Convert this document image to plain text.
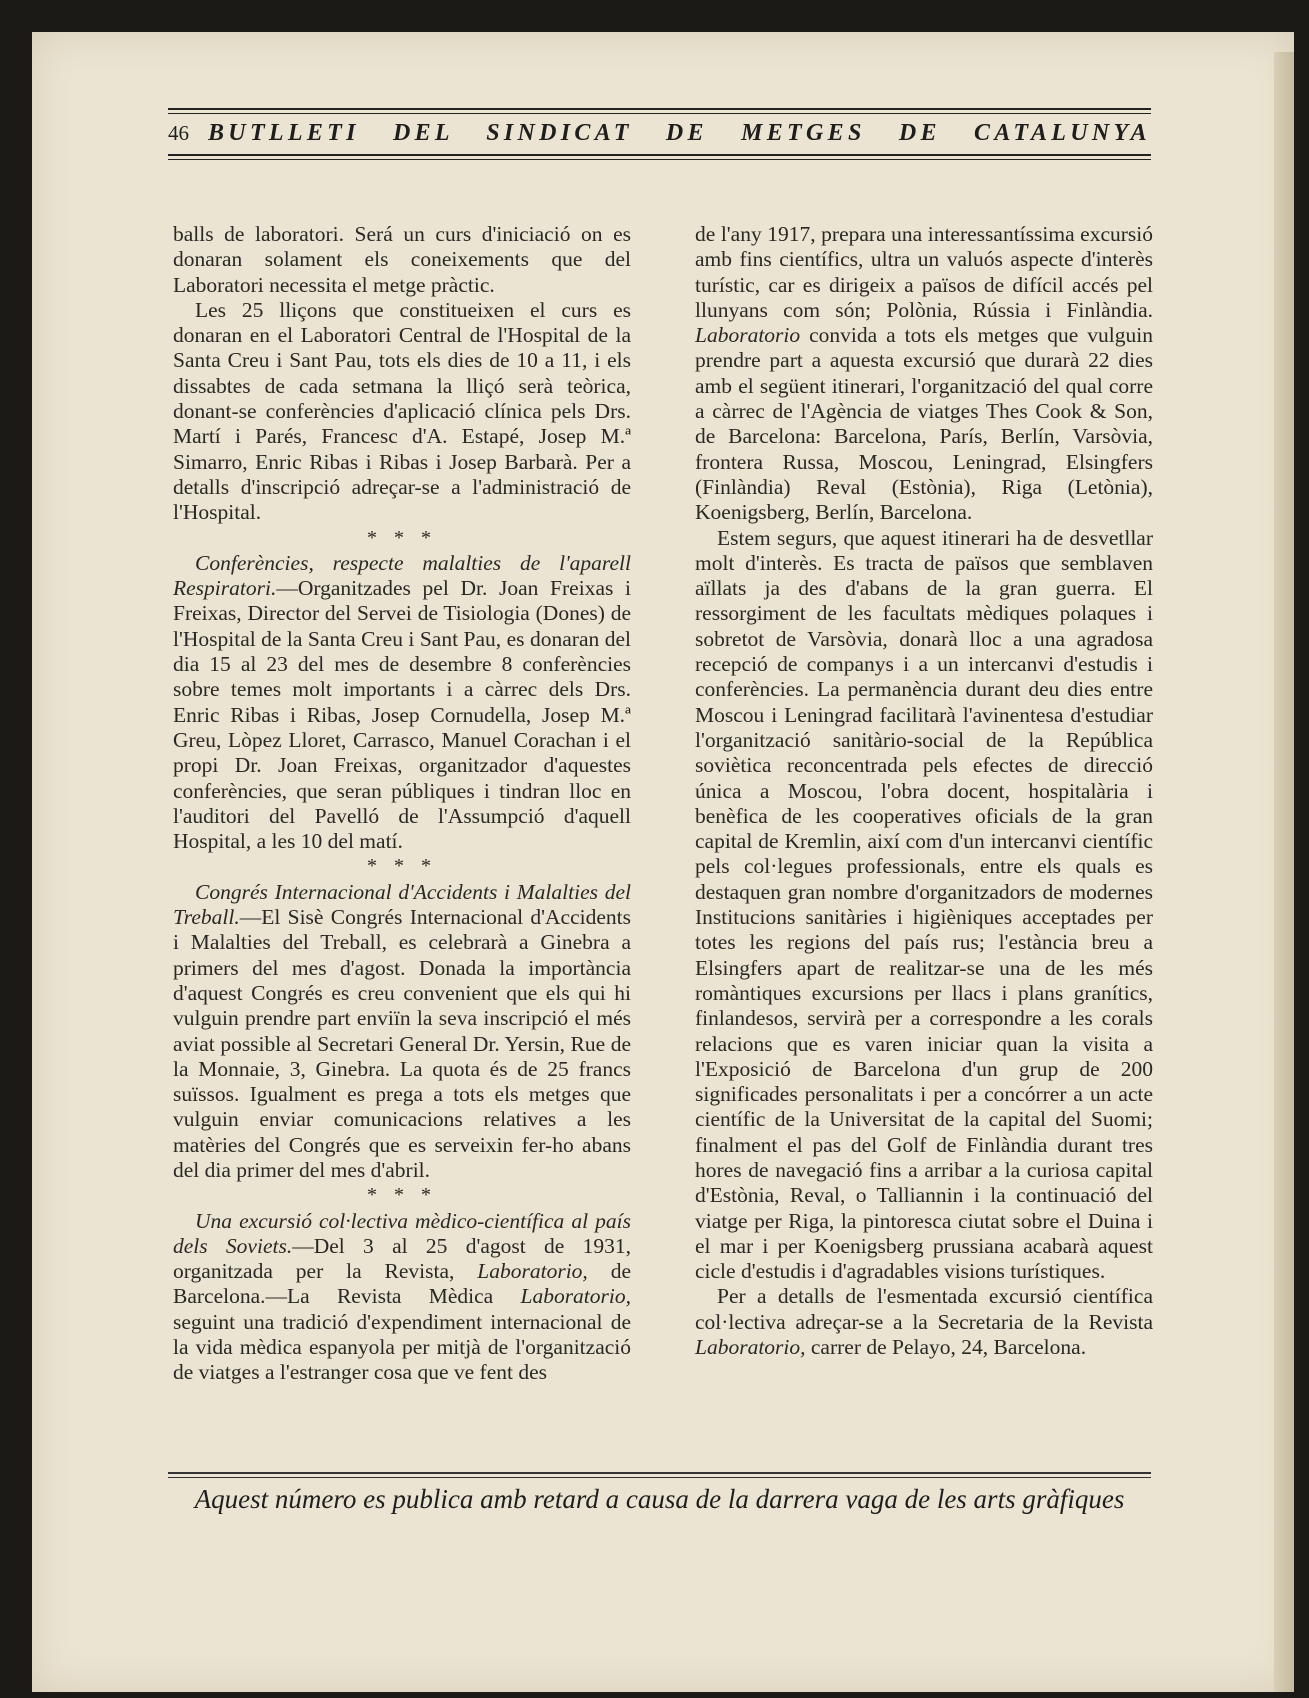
46 BUTLLETI DEL SINDICAT DE METGES DE CATALUNYA

balls de laboratori. Será un curs d'iniciació on es donaran solament els coneixements que del Laboratori necessita el metge pràctic.

Les 25 lliçons que constitueixen el curs es donaran en el Laboratori Central de l'Hospital de la Santa Creu i Sant Pau, tots els dies de 10 a 11, i els dissabtes de cada setmana la lliçó serà teòrica, donant-se conferències d'aplicació clínica pels Drs. Martí i Parés, Francesc d'A. Estapé, Josep M.ª Simarro, Enric Ribas i Ribas i Josep Barbarà. Per a detalls d'inscripció adreçar-se a l'administració de l'Hospital.

* * *

Conferències, respecte malalties de l'aparell Respiratori.—Organitzades pel Dr. Joan Freixas i Freixas, Director del Servei de Tisiologia (Dones) de l'Hospital de la Santa Creu i Sant Pau, es donaran del dia 15 al 23 del mes de desembre 8 conferències sobre temes molt importants i a càrrec dels Drs. Enric Ribas i Ribas, Josep Cornudella, Josep M.ª Greu, Lòpez Lloret, Carrasco, Manuel Corachan i el propi Dr. Joan Freixas, organitzador d'aquestes conferències, que seran públiques i tindran lloc en l'auditori del Pavelló de l'Assumpció d'aquell Hospital, a les 10 del matí.

* * *

Congrés Internacional d'Accidents i Malalties del Treball.—El Sisè Congrés Internacional d'Accidents i Malalties del Treball, es celebrarà a Ginebra a primers del mes d'agost. Donada la importància d'aquest Congrés es creu convenient que els qui hi vulguin prendre part enviïn la seva inscripció el més aviat possible al Secretari General Dr. Yersin, Rue de la Monnaie, 3, Ginebra. La quota és de 25 francs suïssos. Igualment es prega a tots els metges que vulguin enviar comunicacions relatives a les matèries del Congrés que es serveixin fer-ho abans del dia primer del mes d'abril.

* * *

Una excursió col·lectiva mèdico-científica al país dels Soviets.—Del 3 al 25 d'agost de 1931, organitzada per la Revista, Laboratorio, de Barcelona.—La Revista Mèdica Laboratorio, seguint una tradició d'expendiment internacional de la vida mèdica espanyola per mitjà de l'organització de viatges a l'estranger cosa que ve fent des

de l'any 1917, prepara una interessantíssima excursió amb fins científics, ultra un valuós aspecte d'interès turístic, car es dirigeix a països de difícil accés pel llunyans com són; Polònia, Rússia i Finlàndia. Laboratorio convida a tots els metges que vulguin prendre part a aquesta excursió que durarà 22 dies amb el següent itinerari, l'organització del qual corre a càrrec de l'Agència de viatges Thes Cook & Son, de Barcelona: Barcelona, París, Berlín, Varsòvia, frontera Russa, Moscou, Leningrad, Elsingfers (Finlàndia) Reval (Estònia), Riga (Letònia), Koenigsberg, Berlín, Barcelona.

Estem segurs, que aquest itinerari ha de desvetllar molt d'interès. Es tracta de països que semblaven aïllats ja des d'abans de la gran guerra. El ressorgiment de les facultats mèdiques polaques i sobretot de Varsòvia, donarà lloc a una agradosa recepció de companys i a un intercanvi d'estudis i conferències. La permanència durant deu dies entre Moscou i Leningrad facilitarà l'avinentesa d'estudiar l'organització sanitàrio-social de la República soviètica reconcentrada pels efectes de direcció única a Moscou, l'obra docent, hospitalària i benèfica de les cooperatives oficials de la gran capital de Kremlin, així com d'un intercanvi científic pels col·legues professionals, entre els quals es destaquen gran nombre d'organitzadors de modernes Institucions sanitàries i higièniques acceptades per totes les regions del país rus; l'estància breu a Elsingfers apart de realitzar-se una de les més romàntiques excursions per llacs i plans granítics, finlandesos, servirà per a correspondre a les corals relacions que es varen iniciar quan la visita a l'Exposició de Barcelona d'un grup de 200 significades personalitats i per a concórrer a un acte científic de la Universitat de la capital del Suomi; finalment el pas del Golf de Finlàndia durant tres hores de navegació fins a arribar a la curiosa capital d'Estònia, Reval, o Talliannin i la continuació del viatge per Riga, la pintoresca ciutat sobre el Duina i el mar i per Koenigsberg prussiana acabarà aquest cicle d'estudis i d'agradables visions turístiques.

Per a detalls de l'esmentada excursió científica col·lectiva adreçar-se a la Secretaria de la Revista Laboratorio, carrer de Pelayo, 24, Barcelona.

Aquest número es publica amb retard a causa de la darrera vaga de les arts gràfiques
